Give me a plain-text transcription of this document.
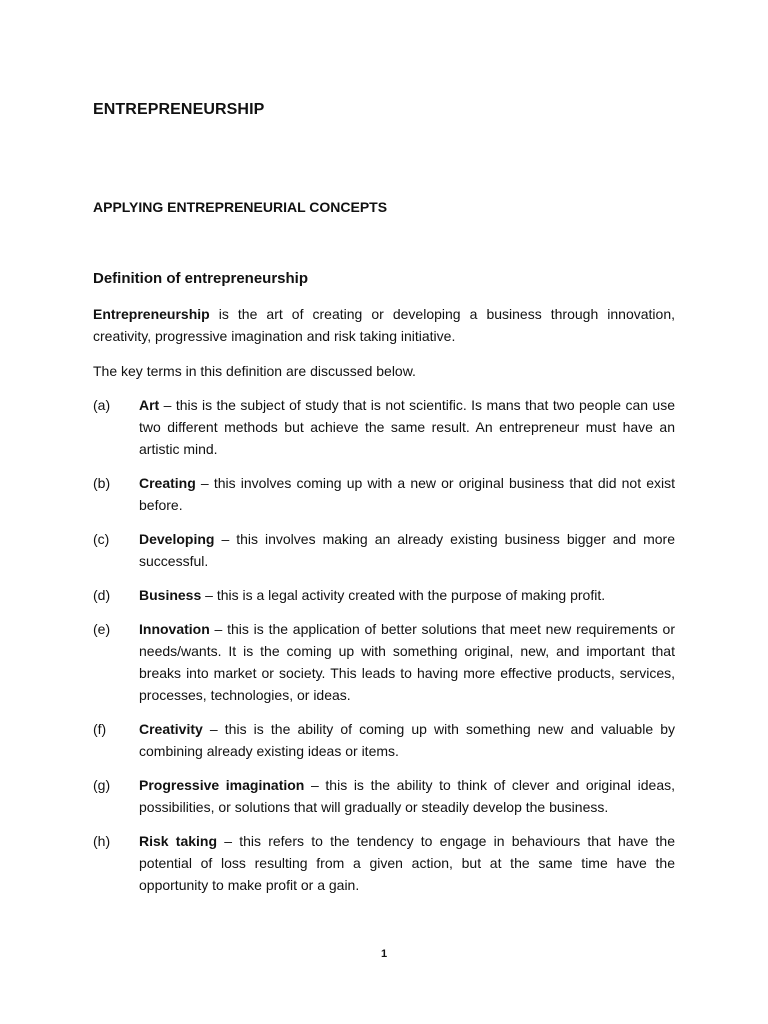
ENTREPRENEURSHIP
APPLYING ENTREPRENEURIAL CONCEPTS
Definition of entrepreneurship

Entrepreneurship is the art of creating or developing a business through innovation, creativity, progressive imagination and risk taking initiative.

The key terms in this definition are discussed below.

(a)	Art – this is the subject of study that is not scientific. Is mans that two people can use two different methods but achieve the same result. An entrepreneur must have an artistic mind.
(b)	Creating – this involves coming up with a new or original business that did not exist before.
(c)	Developing – this involves making an already existing business bigger and more successful.
(d)	Business – this is a legal activity created with the purpose of making profit.
(e)	Innovation – this is the application of better solutions that meet new requirements or needs/wants. It is the coming up with something original, new, and important that breaks into market or society. This leads to having more effective products, services, processes, technologies, or ideas.
(f)	Creativity – this is the ability of coming up with something new and valuable by combining already existing ideas or items.
(g)	Progressive imagination – this is the ability to think of clever and original ideas, possibilities, or solutions that will gradually or steadily develop the business.
(h)	Risk taking – this refers to the tendency to engage in behaviours that have the potential of loss resulting from a given action, but at the same time have the opportunity to make profit or a gain.
1
